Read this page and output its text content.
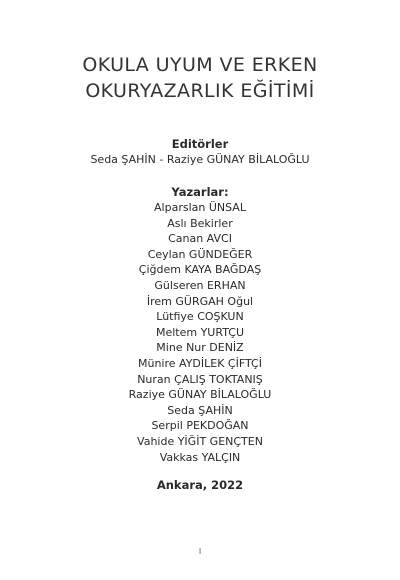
OKULA UYUM VE ERKEN
OKURYAZARLIK EĞİTİMİ
Editörler
Seda ŞAHİN - Raziye GÜNAY BİLALOĞLU
Yazarlar:
Alparslan ÜNSAL
Aslı Bekirler
Canan AVCI
Ceylan GÜNDEĞER
Çiğdem KAYA BAĞDAŞ
Gülseren ERHAN
İrem GÜRGAH Oğul
Lütfiye COŞKUN
Meltem YURTÇU
Mine Nur DENİZ
Münire AYDİLEK ÇİFTÇİ
Nuran ÇALIŞ TOKTANIŞ
Raziye GÜNAY BİLALOĞLU
Seda ŞAHİN
Serpil PEKDOĞAN
Vahide YİĞİT GENÇTEN
Vakkas YALÇIN
Ankara, 2022
I
